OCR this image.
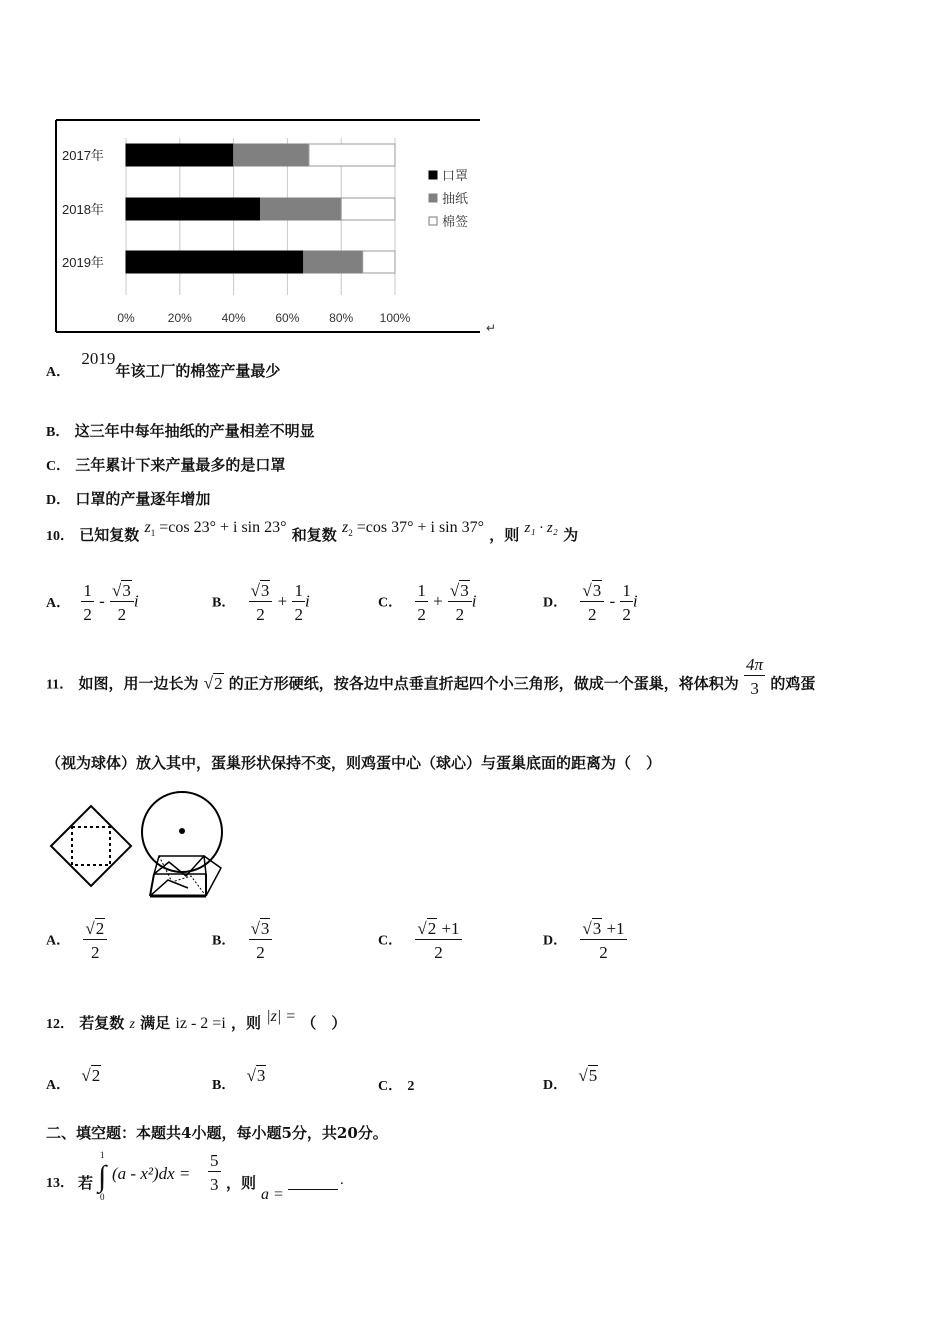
2017年
2018年
2019年
0%	20% 40% 60% 80% 100%
口罩
抽纸
棉签
↵
A． 2019年该工厂的棉签产量最少
B． 这三年中每年抽纸的产量相差不明显
C． 三年累计下来产量最多的是口罩
D． 口罩的产量逐年增加
10． 已知复数 $z_1 =\cos$ 23° + i sin 23° 和复数 $z_2 =\cos$ 37° + i sin 37° ，则 z₁ · z₂ 为
A． $\frac{1}{2} - \frac{√3}{2}$ i	B． $\frac{√3}{2} + \frac{1}{2}$ i	C． $\frac{1}{2} + \frac{√3}{2}$ i	D． $\frac{√3}{2} - \frac{1}{2}$ i
11． 如图，用一边长为 √2 的正方形硬纸，按各边中点垂直折起四个小三角形，做成一个蛋巢，将体积为 $\frac{4\pi}{3}$ 的鸡蛋
（视为球体）放入其中，蛋巢形状保持不变，则鸡蛋中心（球心）与蛋巢底面的距离为（　）
A． $\frac{√2}{2}$	B． $\frac{√3}{2}$	C． $\frac{√2 +1}{2}$	D． $\frac{√3 +1}{2}$
12． 若复数 z 满足 iz - 2 =i ，则 |z| = （　）
A． √2
B． √3
C． 2	D． √5
二、填空题：本题共4小题，每小题5分，共20分。
13． 若
1
∫
0
$(a - x^2)dx = \frac{5}{3}$ ，则
a =
.
